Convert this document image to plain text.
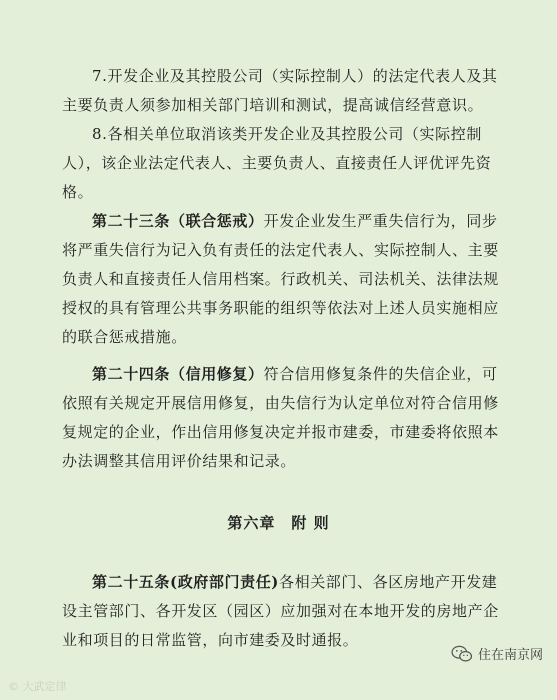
7.开发企业及其控股公司（实际控制人）的法定代表人及其主要负责人须参加相关部门培训和测试，提高诚信经营意识。

8.各相关单位取消该类开发企业及其控股公司（实际控制人），该企业法定代表人、主要负责人、直接责任人评优评先资格。

第二十三条（联合惩戒）开发企业发生严重失信行为，同步将严重失信行为记入负有责任的法定代表人、实际控制人、主要负责人和直接责任人信用档案。行政机关、司法机关、法律法规授权的具有管理公共事务职能的组织等依法对上述人员实施相应的联合惩戒措施。

第二十四条（信用修复）符合信用修复条件的失信企业，可依照有关规定开展信用修复，由失信行为认定单位对符合信用修复规定的企业，作出信用修复决定并报市建委，市建委将依照本办法调整其信用评价结果和记录。

第六章　附 则

第二十五条(政府部门责任)各相关部门、各区房地产开发建设主管部门、各开发区（园区）应加强对在本地开发的房地产企业和项目的日常监管，向市建委及时通报。

© 大武定律
住在南京网
